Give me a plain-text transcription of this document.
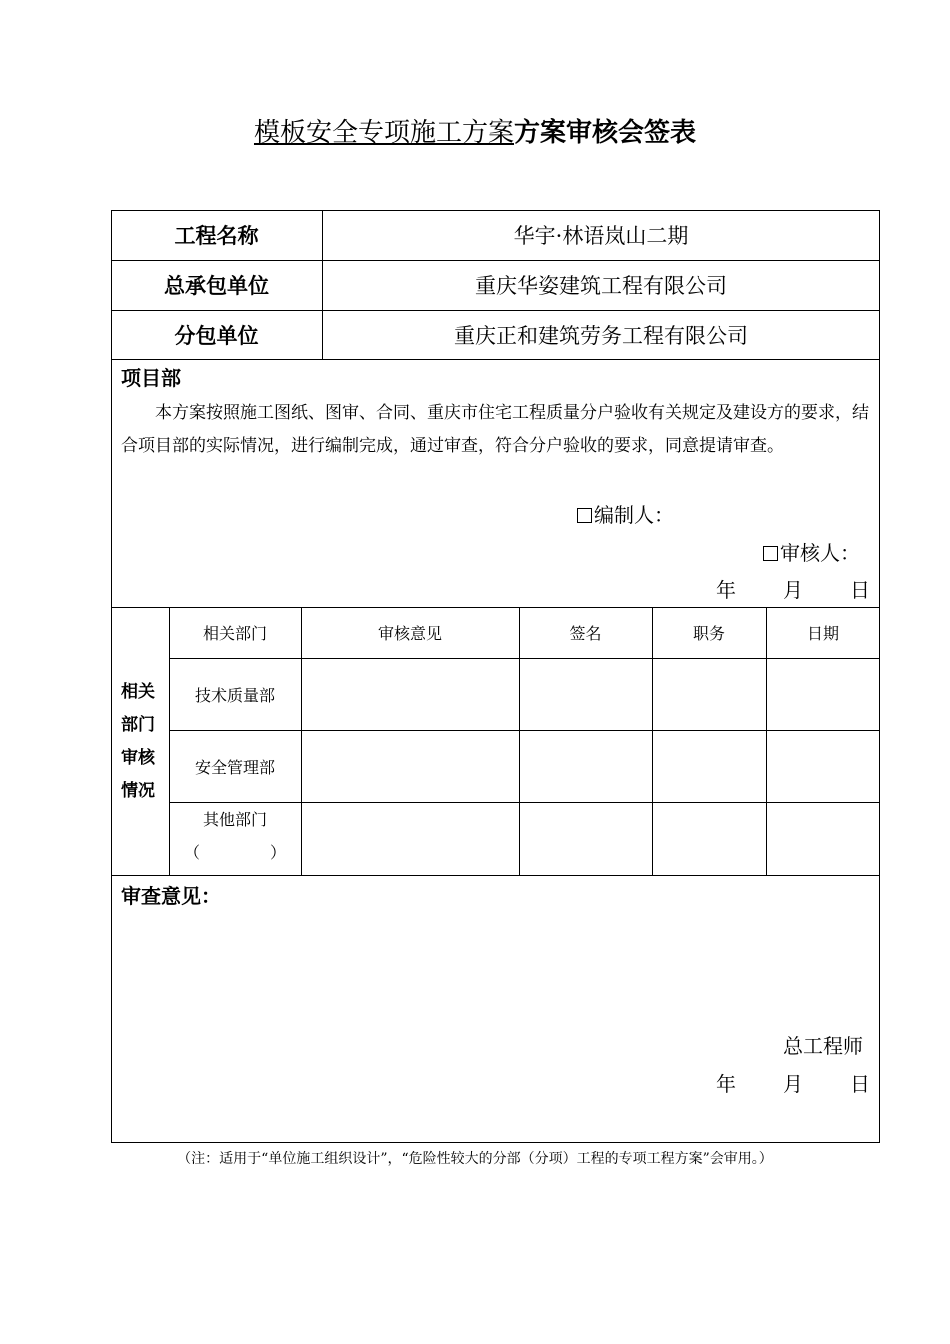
模板安全专项施工方案方案审核会签表
工程名称	华宇·林语岚山二期
总承包单位	重庆华姿建筑工程有限公司
分包单位	重庆正和建筑劳务工程有限公司
项目部
本方案按照施工图纸、图审、合同、重庆市住宅工程质量分户验收有关规定及建设方的要求，结合项目部的实际情况，进行编制完成，通过审查，符合分户验收的要求，同意提请审查。
编制人：
审核人：
年 月 日
相关
部门
审核
情况
相关部门	审核意见	签名	职务	日期
技术质量部
安全管理部
其他部门
（	）
审查意见：
总工程师
年 月 日
（注：适用于“单位施工组织设计”，“危险性较大的分部（分项）工程的专项工程方案”会审用。）
